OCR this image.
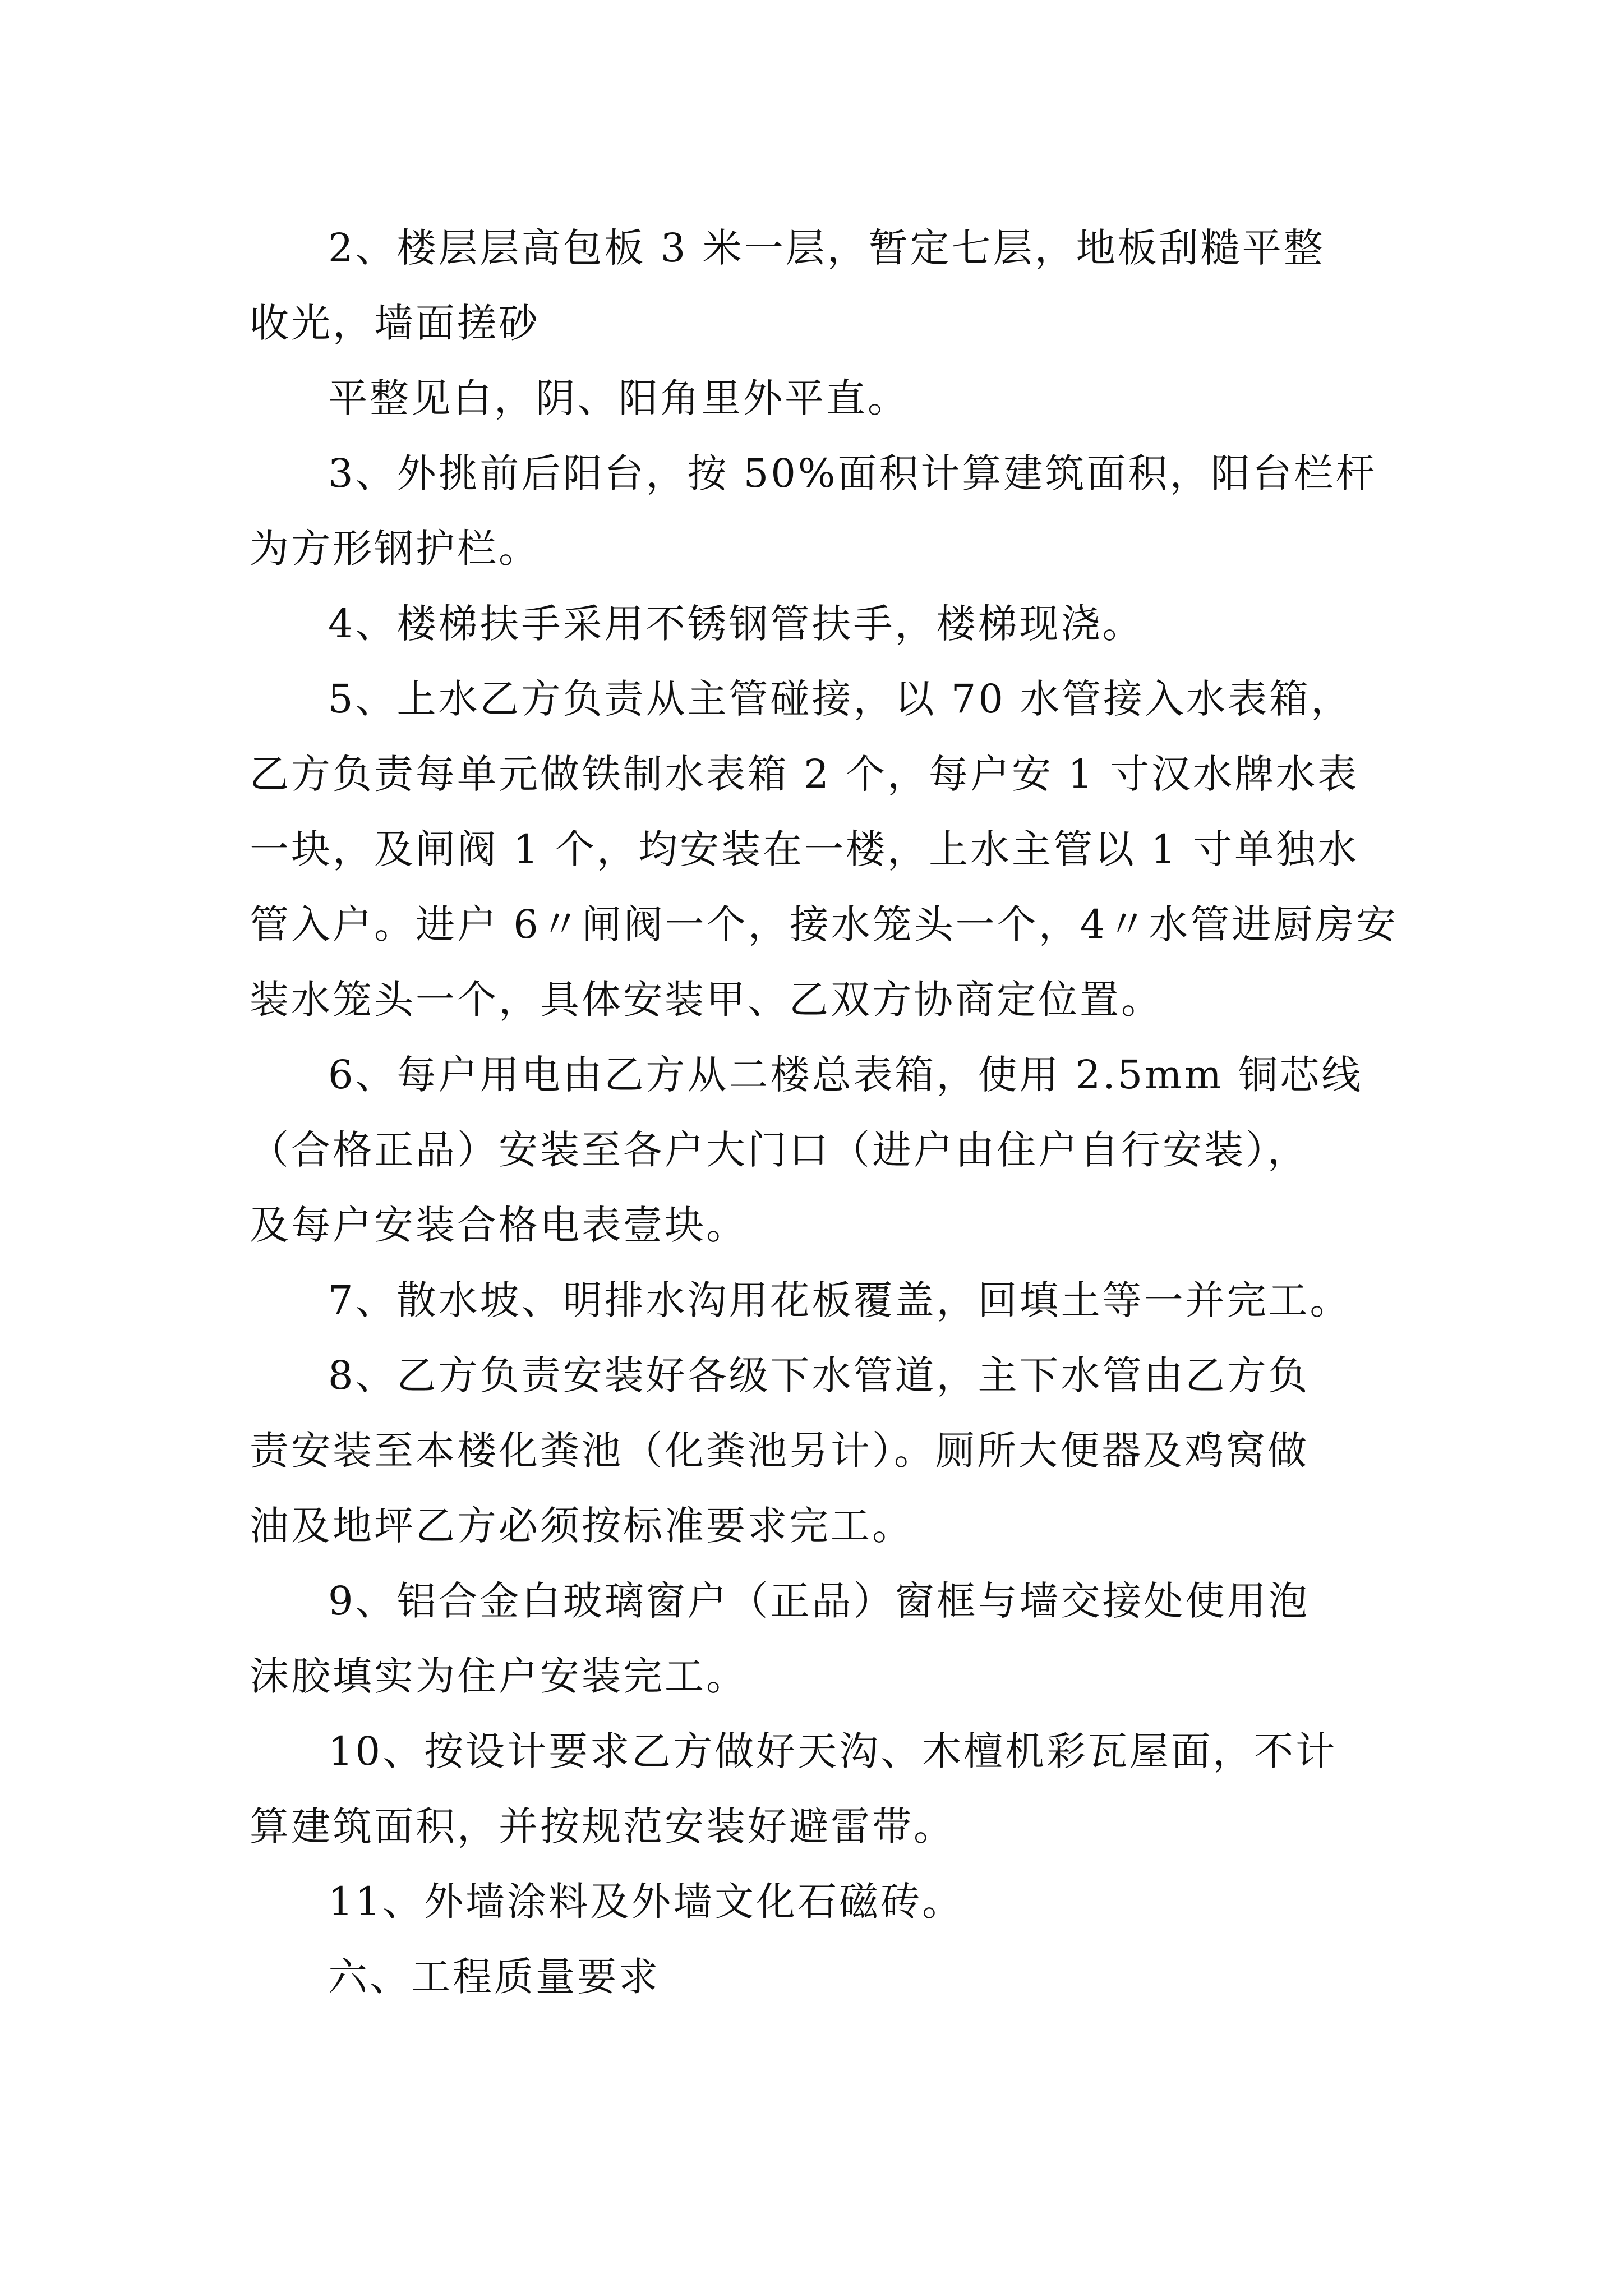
2、楼层层高包板 3 米一层，暂定七层，地板刮糙平整
收光，墙面搓砂

平整见白，阴、阳角里外平直。

3、外挑前后阳台，按 50%面积计算建筑面积，阳台栏杆
为方形钢护栏。

4、楼梯扶手采用不锈钢管扶手，楼梯现浇。

5、上水乙方负责从主管碰接，以 70 水管接入水表箱，
乙方负责每单元做铁制水表箱 2 个，每户安 1 寸汉水牌水表
一块，及闸阀 1 个，均安装在一楼，上水主管以 1 寸单独水
管入户。进户 6〃闸阀一个，接水笼头一个，4〃水管进厨房安
装水笼头一个，具体安装甲、乙双方协商定位置。

6、每户用电由乙方从二楼总表箱，使用 2.5mm 铜芯线
（合格正品）安装至各户大门口（进户由住户自行安装），
及每户安装合格电表壹块。

7、散水坡、明排水沟用花板覆盖，回填土等一并完工。

8、乙方负责安装好各级下水管道，主下水管由乙方负
责安装至本楼化粪池（化粪池另计）。厕所大便器及鸡窝做
油及地坪乙方必须按标准要求完工。

9、铝合金白玻璃窗户（正品）窗框与墙交接处使用泡
沫胶填实为住户安装完工。

10、按设计要求乙方做好天沟、木檀机彩瓦屋面，不计
算建筑面积，并按规范安装好避雷带。

11、外墙涂料及外墙文化石磁砖。

六、工程质量要求
